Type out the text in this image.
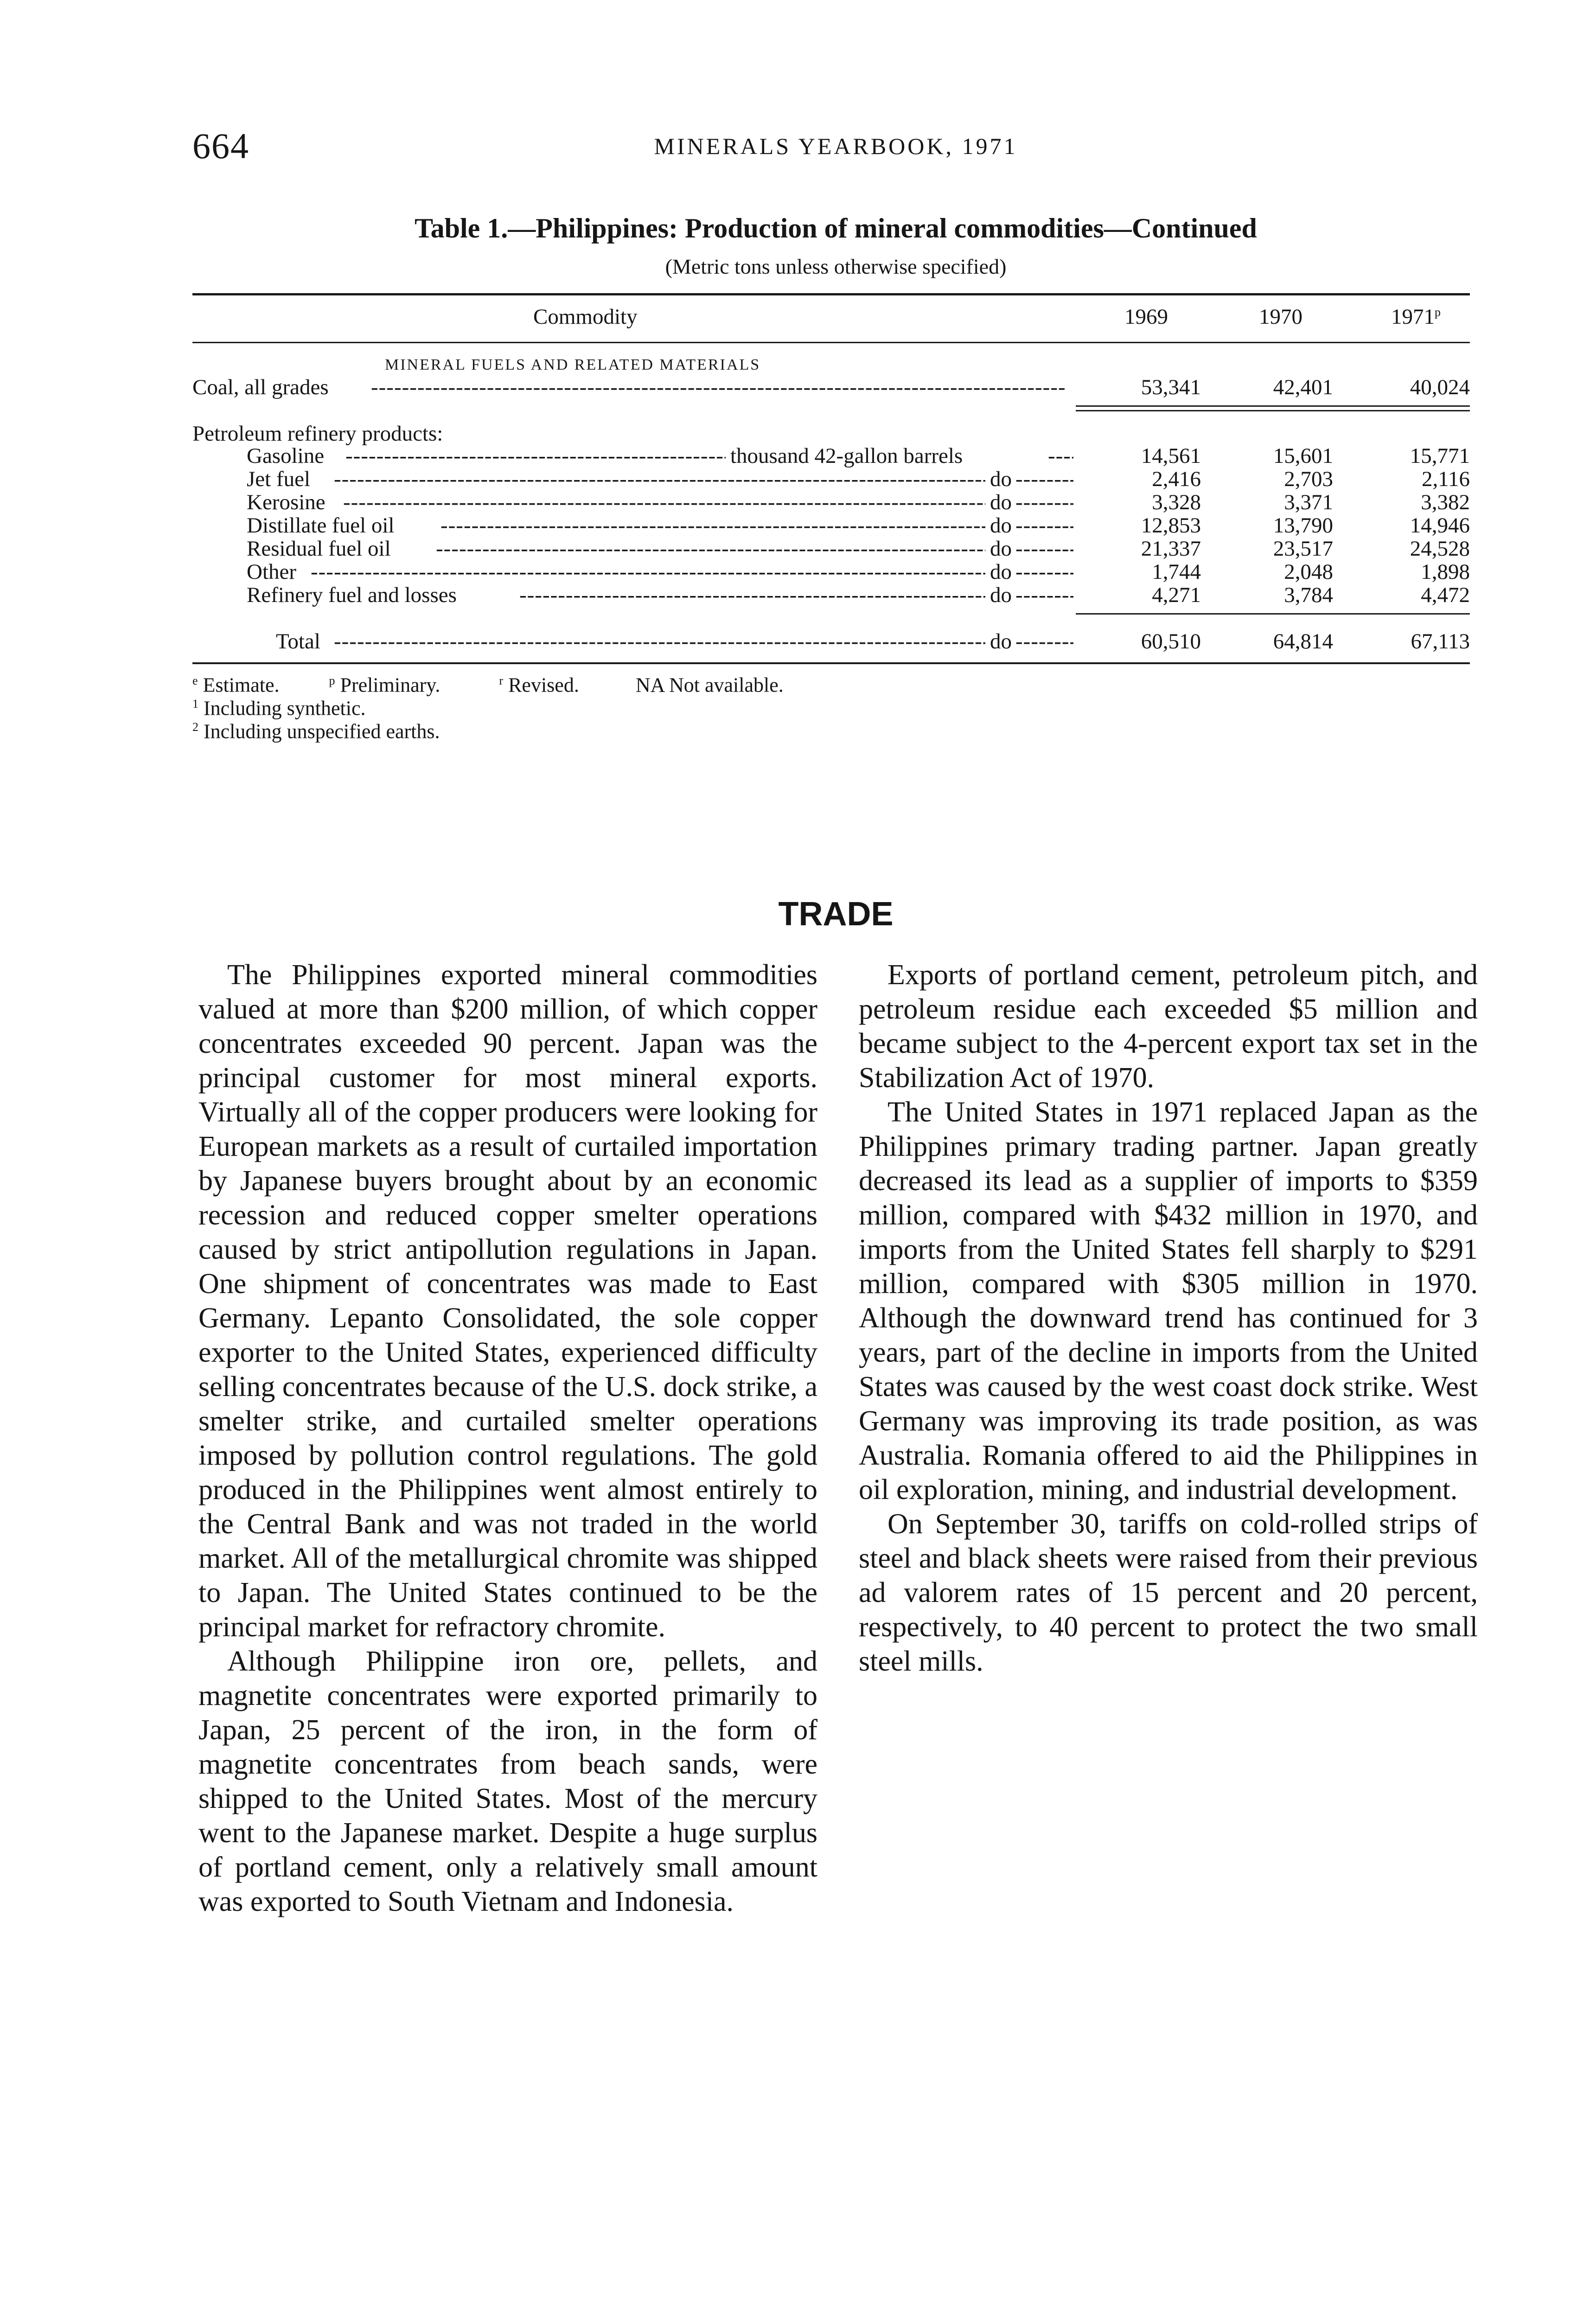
664	MINERALS YEARBOOK, 1971
Table 1.—Philippines: Production of mineral commodities—Continued
(Metric tons unless otherwise specified)
Commodity	1969	1970	1971$^p$
MINERAL FUELS AND RELATED MATERIALS
Coal, all grades -----	53,341	42,401	40,024
Petroleum refinery products:
Gasoline -----	thousand 42-gallon barrels -----	14,561	15,601	15,771
Jet fuel -----	do -----	2,416	2,703	2,116
Kerosine -----	do -----	3,328	3,371	3,382
Distillate fuel oil -----	do -----	12,853	13,790	14,946
Residual fuel oil -----	do -----	21,337	23,517	24,528
Other -----	do -----	1,744	2,048	1,898
Refinery fuel and losses -----	do -----	4,271	3,784	4,472
Total -----	do -----	60,510	64,814	67,113
$^e$ Estimate.	$^p$ Preliminary.	$^r$ Revised.	NA Not available.
$^1$ Including synthetic.
$^2$ Including unspecified earths.
TRADE

The Philippines exported mineral commodities valued at more than $200 million, of which copper concentrates exceeded 90 percent. Japan was the principal customer for most mineral exports. Virtually all of the copper producers were looking for European markets as a result of curtailed importation by Japanese buyers brought about by an economic recession and reduced copper smelter operations caused by strict antipollution regulations in Japan. One shipment of concentrates was made to East Germany. Lepanto Consolidated, the sole copper exporter to the United States, experienced difficulty selling concentrates because of the U.S. dock strike, a smelter strike, and curtailed smelter operations imposed by pollution control regulations. The gold produced in the Philippines went almost entirely to the Central Bank and was not traded in the world market. All of the metallurgical chromite was shipped to Japan. The United States continued to be the principal market for refractory chromite.

Although Philippine iron ore, pellets, and magnetite concentrates were exported primarily to Japan, 25 percent of the iron, in the form of magnetite concentrates from beach sands, were shipped to the United States. Most of the mercury went to the Japanese market. Despite a huge surplus of portland cement, only a relatively small amount was exported to South Vietnam and Indonesia.

Exports of portland cement, petroleum pitch, and petroleum residue each exceeded $5 million and became subject to the 4-percent export tax set in the Stabilization Act of 1970.

The United States in 1971 replaced Japan as the Philippines primary trading partner. Japan greatly decreased its lead as a supplier of imports to $359 million, compared with $432 million in 1970, and imports from the United States fell sharply to $291 million, compared with $305 million in 1970. Although the downward trend has continued for 3 years, part of the decline in imports from the United States was caused by the west coast dock strike. West Germany was improving its trade position, as was Australia. Romania offered to aid the Philippines in oil exploration, mining, and industrial development.

On September 30, tariffs on cold-rolled strips of steel and black sheets were raised from their previous ad valorem rates of 15 percent and 20 percent, respectively, to 40 percent to protect the two small steel mills.
